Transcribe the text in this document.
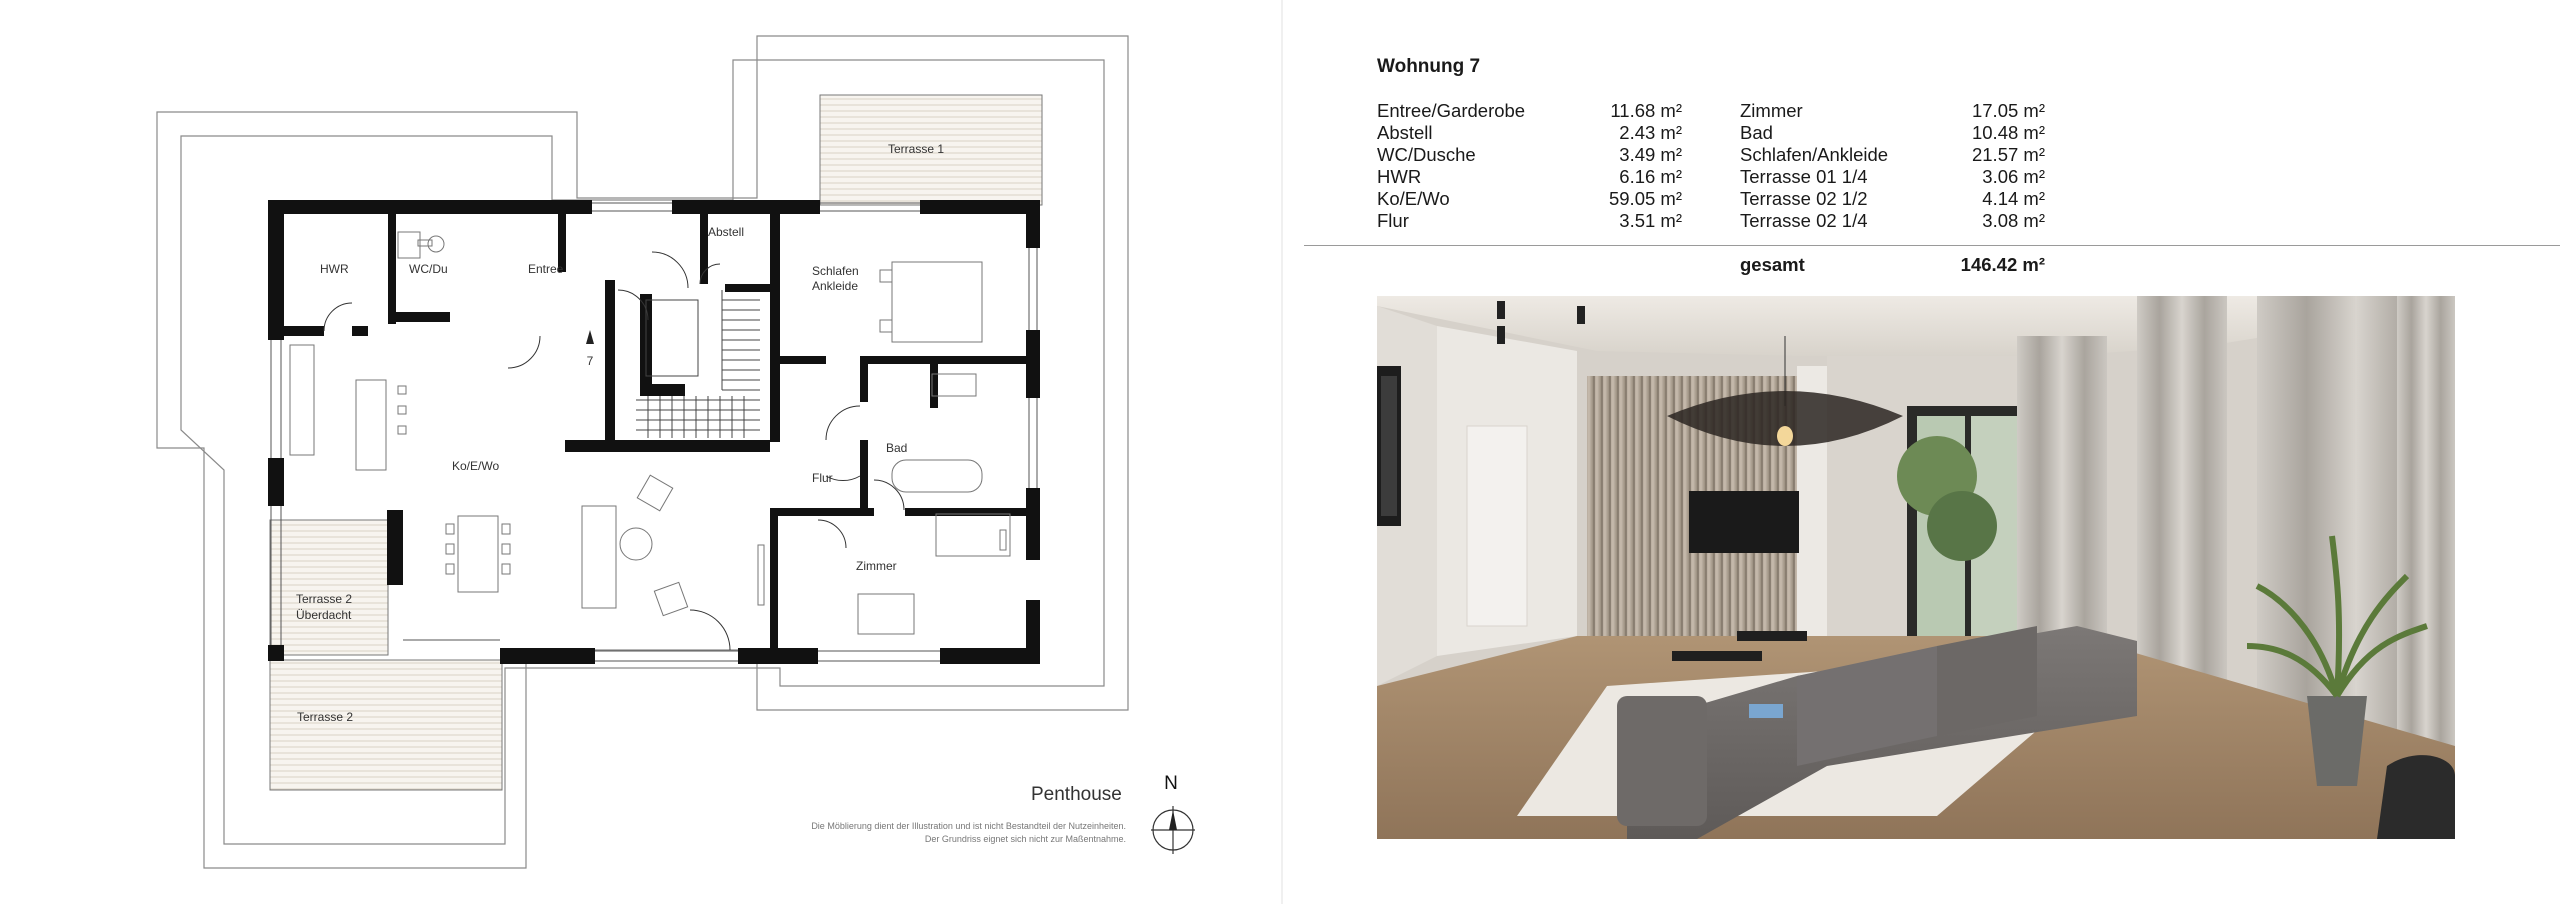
Terrasse 1
Terrasse 2
Überdacht
Terrasse 2
HWR	WC/Du	Entree
Abstell
Schlafen
Ankleide
Ko/E/Wo
Bad
Flur
Zimmer
7
N
Penthouse
Die Möblierung dient der Illustration und ist nicht Bestandteil der Nutzeinheiten.
Der Grundriss eignet sich nicht zur Maßentnahme.
Wohnung 7
Entree/Garderobe	11.68 m²
Abstell	2.43 m²
WC/Dusche	3.49 m²
HWR	6.16 m²
Ko/E/Wo	59.05 m²
Flur	3.51 m²
Zimmer	17.05 m²
Bad	10.48 m²
Schlafen/Ankleide	21.57 m²
Terrasse 01 1/4	3.06 m²
Terrasse 02 1/2	4.14 m²
Terrasse 02 1/4	3.08 m²
gesamt	146.42 m²
